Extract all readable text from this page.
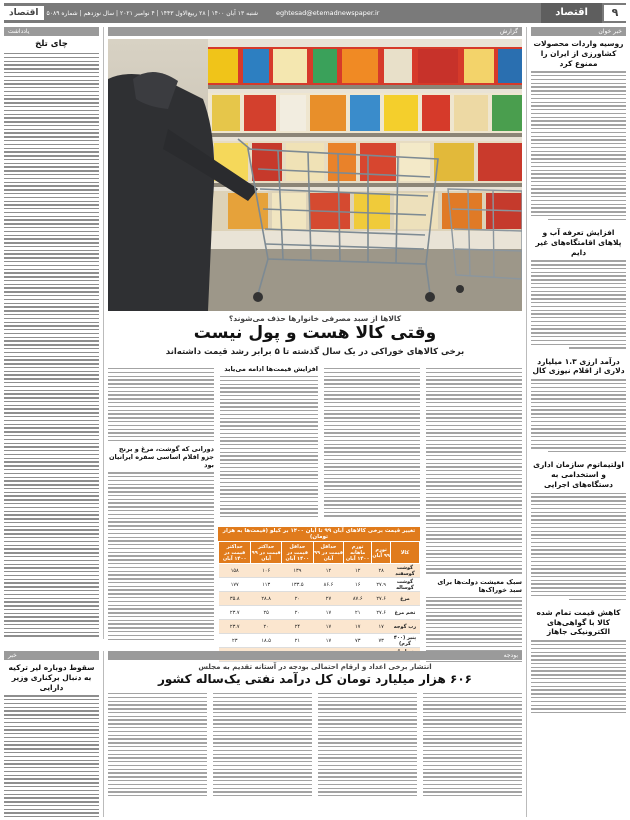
۹
اقتصاد
eghtesad@etemadnewspaper.ir
شنبه ۱۳ آبان ۱۴۰۰ | ۲۸ ربیع‌الاول ۱۴۴۳ | ۴ نوامبر ۲۰۲۱ | سال نوزدهم | شماره ۵۰۸۹
اقتصاد
خبر خوان
روسیه واردات محصولات کشاورزی از ایران را ممنوع کرد
افزایش تعرفه آب و پلاهای اقامتگاه‌های غیر دایم
درآمد ارزی ۱.۳ میلیارد دلاری از اقلام نیوزی کال
اولتیماتوم سازمان اداری و استخدامی به دستگاه‌های اجرایی
کاهش قیمت تمام شده کالا با گواهی‌های الکترونیکی جاهاز
گزارش
کالاها از سبد مصرفی خانوارها حذف می‌شوند؟
وقتی کالا هست و پول نیست
برخی کالاهای خوراکی در یک سال گذشته تا ۵ برابر رشد قیمت داشته‌اند
سبک معیشت دولت‌ها برای سبد خوراک‌ها
افزایش قیمت‌ها ادامه می‌یابد
دورانی که گوشت، مرغ و برنج جزو اقلام اساسی سفره ایرانیان بود
تغییر قیمت برخی کالاهای آبان ۹۹ تا آبان ۱۴۰۰ بر کیلو (قیمت‌ها به هزار تومان)
کالا	تورم ۹۹ آبان	تورم ماهانه ۱۴۰۰ آبان	حداقل قیمت در ۹۹ آبان	حداقل قیمت در ۱۴۰۰ آبان	حداکثر قیمت در ۹۹ آبان	حداکثر قیمت در ۱۴۰۰ آبان
گوشت گوسفند	۲۸	۱۲	۱۲	۱۳۹	۱۰۶	۱۵۸
گوشت گوساله	۲۷.۹	۱۶	۸۶.۶	۱۳۳.۵	۱۱۳	۱۷۷
مرغ	۲۷.۶	۸۷.۶	۲۷	۲۰	۲۸.۸	۳۵.۸
تخم مرغ	۲۷.۶	۲۱	۱۷	۲۰	۲۵	۲۳.۷
رب گوجه	۱۷	۱۷	۱۷	۲۴	۲۰	۲۳.۷
پنیر (۴۰۰ گرم)	۷۳	۷۳	۱۷	۲۱	۱۸.۵	۲۳

یادداشت
چای تلخ
خبر
سقوط دوباره لیر ترکیه به دنبال برکناری وزیر دارایی
بودجه
انتشار برخی اعداد و ارقام احتمالی بودجه در آستانه تقدیم به مجلس
۶۰۶ هزار میلیارد تومان کل درآمد نفتی یک‌ساله کشور
